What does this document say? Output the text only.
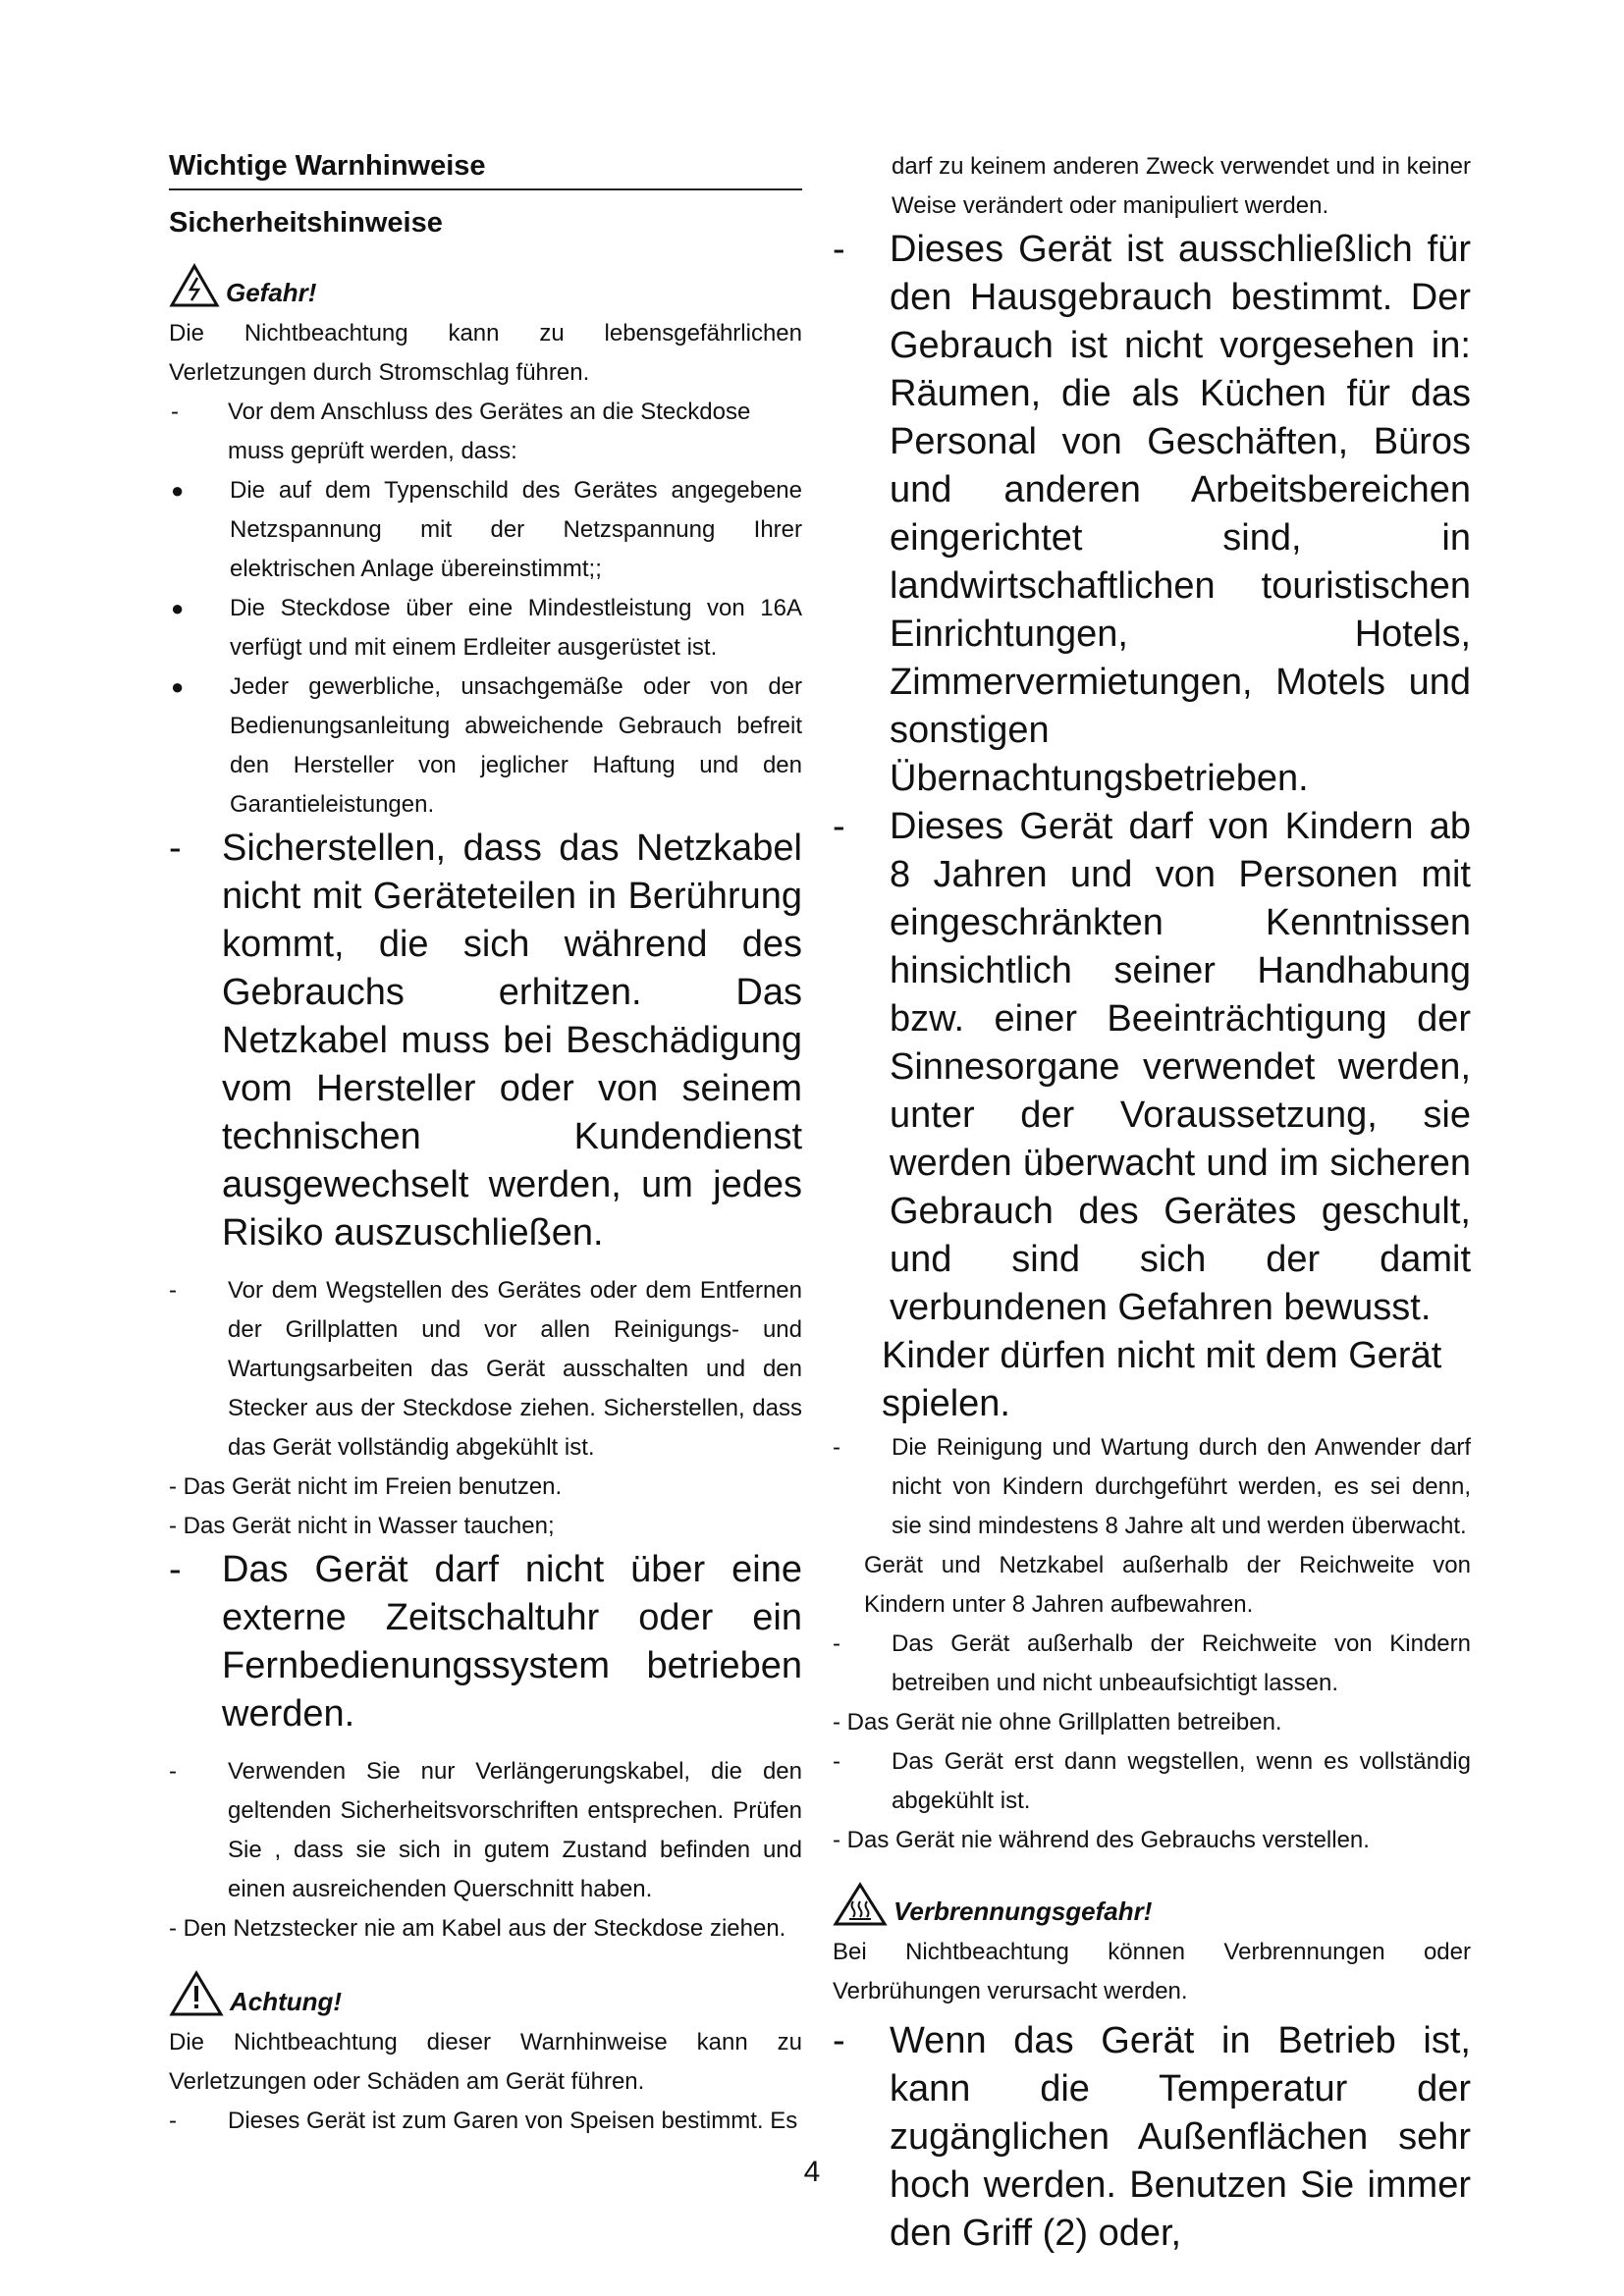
Wichtige Warnhinweise
Sicherheitshinweise
Gefahr!
Die Nichtbeachtung kann zu lebensgefährlichen Verletzungen durch Stromschlag führen.
-	Vor dem Anschluss des Gerätes an die Steckdose muss geprüft werden, dass:
● Die auf dem Typenschild des Gerätes angegebene Netzspannung mit der Netzspannung Ihrer elektrischen Anlage übereinstimmt;;
● Die Steckdose über eine Mindestleistung von 16A verfügt und mit einem Erdleiter ausgerüstet ist.
● Jeder gewerbliche, unsachgemäße oder von der Bedienungsanleitung abweichende Gebrauch befreit den Hersteller von jeglicher Haftung und den Garantieleistungen.
- Sicherstellen, dass das Netzkabel nicht mit Geräteteilen in Berührung kommt, die sich während des Gebrauchs erhitzen. Das Netzkabel muss bei Beschädigung vom Hersteller oder von seinem technischen Kundendienst ausgewechselt werden, um jedes Risiko auszuschließen.
- Vor dem Wegstellen des Gerätes oder dem Entfernen der Grillplatten und vor allen Reinigungs- und Wartungsarbeiten das Gerät ausschalten und den Stecker aus der Steckdose ziehen. Sicherstellen, dass das Gerät vollständig abgekühlt ist.
- Das Gerät nicht im Freien benutzen.
- Das Gerät nicht in Wasser tauchen;
- Das Gerät darf nicht über eine externe Zeitschaltuhr oder ein Fernbedienungssystem betrieben werden.
- Verwenden Sie nur Verlängerungskabel, die den geltenden Sicherheitsvorschriften entsprechen. Prüfen Sie , dass sie sich in gutem Zustand befinden und einen ausreichenden Querschnitt haben.
- Den Netzstecker nie am Kabel aus der Steckdose ziehen.
Achtung!
Die Nichtbeachtung dieser Warnhinweise kann zu Verletzungen oder Schäden am Gerät führen.
- Dieses Gerät ist zum Garen von Speisen bestimmt. Es
darf zu keinem anderen Zweck verwendet und in keiner Weise verändert oder manipuliert werden.
- Dieses Gerät ist ausschließlich für den Hausgebrauch bestimmt. Der Gebrauch ist nicht vorgesehen in: Räumen, die als Küchen für das Personal von Geschäften, Büros und anderen Arbeitsbereichen eingerichtet sind, in landwirtschaftlichen touristischen Einrichtungen, Hotels, Zimmervermietungen, Motels und sonstigen Übernachtungsbetrieben.
- Dieses Gerät darf von Kindern ab 8 Jahren und von Personen mit eingeschränkten Kenntnissen hinsichtlich seiner Handhabung bzw. einer Beeinträchtigung der Sinnesorgane verwendet werden, unter der Voraussetzung, sie werden überwacht und im sicheren Gebrauch des Gerätes geschult, und sind sich der damit verbundenen Gefahren bewusst.
Kinder dürfen nicht mit dem Gerät spielen.
- Die Reinigung und Wartung durch den Anwender darf nicht von Kindern durchgeführt werden, es sei denn, sie sind mindestens 8 Jahre alt und werden überwacht.
Gerät und Netzkabel außerhalb der Reichweite von Kindern unter 8 Jahren aufbewahren.
- Das Gerät außerhalb der Reichweite von Kindern betreiben und nicht unbeaufsichtigt lassen.
- Das Gerät nie ohne Grillplatten betreiben.
- Das Gerät erst dann wegstellen, wenn es vollständig abgekühlt ist.
- Das Gerät nie während des Gebrauchs verstellen.
Verbrennungsgefahr!
Bei Nichtbeachtung können Verbrennungen oder Verbrühungen verursacht werden.
- Wenn das Gerät in Betrieb ist, kann die Temperatur der zugänglichen Außenflächen sehr hoch werden. Benutzen Sie immer den Griff (2) oder,
4
